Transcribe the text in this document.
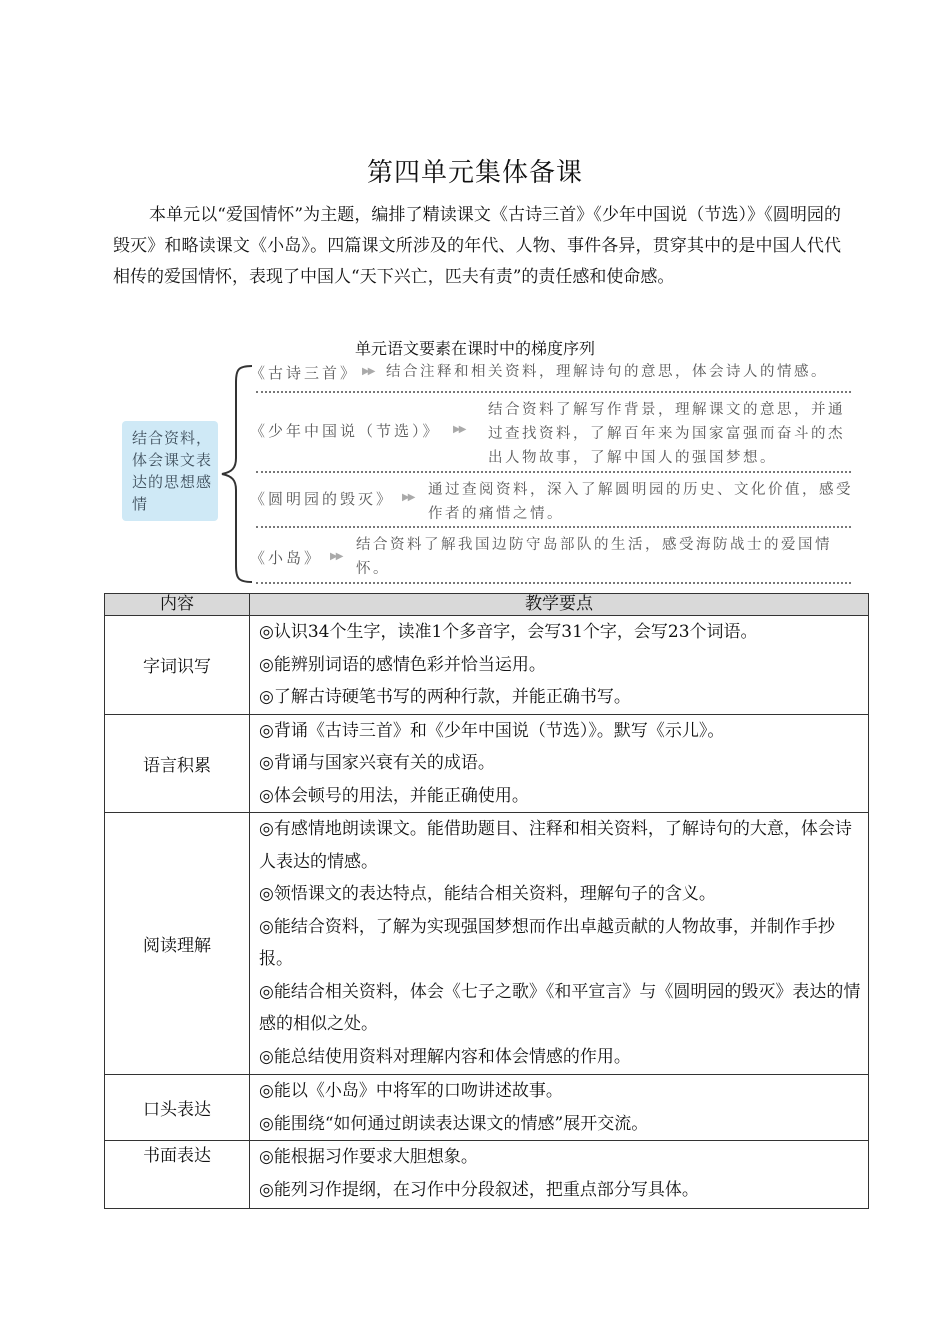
第四单元集体备课
本单元以“爱国情怀”为主题，编排了精读课文《古诗三首》《少年中国说（节选）》《圆明园的毁灭》和略读课文《小岛》。四篇课文所涉及的年代、人物、事件各异，贯穿其中的是中国人代代相传的爱国情怀，表现了中国人“天下兴亡，匹夫有责”的责任感和使命感。
单元语文要素在课时中的梯度序列
结合资料，体会课文表达的思想感情
《古诗三首》 ▶▶ 结合注释和相关资料，理解诗句的意思，体会诗人的情感。
《少年中国说（节选）》 ▶▶
结合资料了解写作背景，理解课文的意思，并通过查找资料，了解百年来为国家富强而奋斗的杰出人物故事，了解中国人的强国梦想。
《圆明园的毁灭》 ▶▶ 通过查阅资料，深入了解圆明园的历史、文化价值，感受作者的痛惜之情。
《小岛》 ▶▶
结合资料了解我国边防守岛部队的生活，感受海防战士的爱国情怀。
内容	教学要点
字词识写	◎认识34个生字，读准1个多音字，会写31个字，会写23个词语。
◎能辨别词语的感情色彩并恰当运用。
◎了解古诗硬笔书写的两种行款，并能正确书写。

语言积累	◎背诵《古诗三首》和《少年中国说（节选）》。默写《示儿》。
◎背诵与国家兴衰有关的成语。
◎体会顿号的用法，并能正确使用。

阅读理解	◎有感情地朗读课文。能借助题目、注释和相关资料，了解诗句的大意，体会诗人表达的情感。
◎领悟课文的表达特点，能结合相关资料，理解句子的含义。
◎能结合资料，了解为实现强国梦想而作出卓越贡献的人物故事，并制作手抄报。
◎能结合相关资料，体会《七子之歌》《和平宣言》与《圆明园的毁灭》表达的情感的相似之处。
◎能总结使用资料对理解内容和体会情感的作用。

口头表达	◎能以《小岛》中将军的口吻讲述故事。
◎能围绕“如何通过朗读表达课文的情感”展开交流。

书面表达	◎能根据习作要求大胆想象。
◎能列习作提纲，在习作中分段叙述，把重点部分写具体。
